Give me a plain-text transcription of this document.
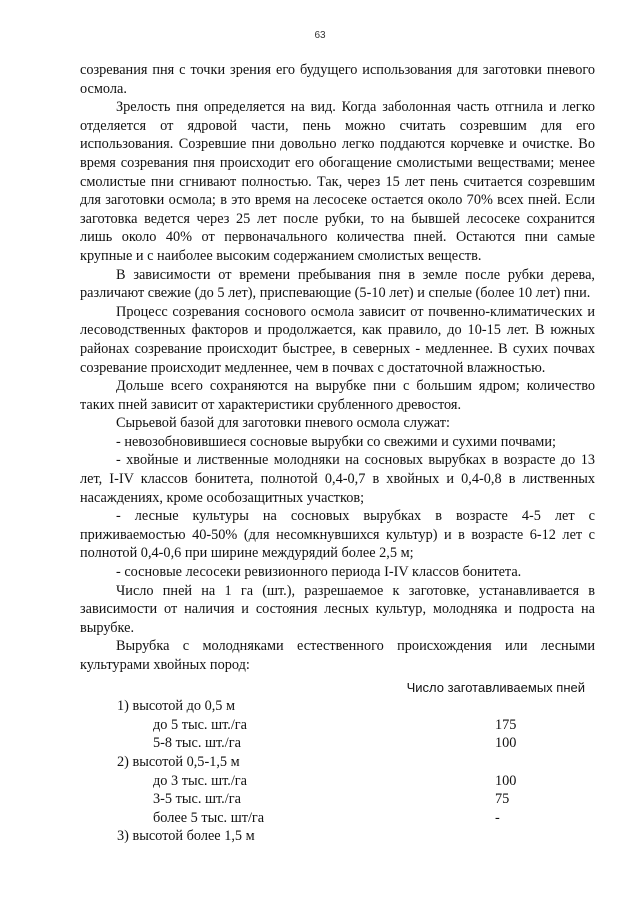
63

созревания пня с точки зрения его будущего использования для заготовки пневого осмола.

Зрелость пня определяется на вид. Когда заболонная часть отгнила и легко отделяется от ядровой части, пень можно считать созревшим для его использования. Созревшие пни довольно легко поддаются корчевке и очистке. Во время созревания пня происходит его обогащение смолистыми веществами; менее смолистые пни сгнивают полностью. Так, через 15 лет пень считается созревшим для заготовки осмола; в это время на лесосеке остается около 70% всех пней. Если заготовка ведется через 25 лет после рубки, то на бывшей лесосеке сохранится лишь около 40% от первоначального количества пней. Остаются пни самые крупные и с наиболее высоким содержанием смолистых веществ.

В зависимости от времени пребывания пня в земле после рубки дерева, различают свежие (до 5 лет), приспевающие (5-10 лет) и спелые (более 10 лет) пни.

Процесс созревания соснового осмола зависит от почвенно-климатических и лесоводственных факторов и продолжается, как правило, до 10-15 лет. В южных районах созревание происходит быстрее, в северных - медленнее. В сухих почвах созревание происходит медленнее, чем в почвах с достаточной влажностью.

Дольше всего сохраняются на вырубке пни с большим ядром; количество таких пней зависит от характеристики срубленного древостоя.

Сырьевой базой для заготовки пневого осмола служат:

- невозобновившиеся сосновые вырубки со свежими и сухими почвами;

- хвойные и лиственные молодняки на сосновых вырубках в возрасте до 13 лет, I-IV классов бонитета, полнотой 0,4-0,7 в хвойных и 0,4-0,8 в лиственных насаждениях, кроме особозащитных участков;

- лесные культуры на сосновых вырубках в возрасте 4-5 лет с приживаемостью 40-50% (для несомкнувшихся культур) и в возрасте 6-12 лет с полнотой 0,4-0,6 при ширине междурядий более 2,5 м;

- сосновые лесосеки ревизионного периода I-IV классов бонитета.

Число пней на 1 га (шт.), разрешаемое к заготовке, устанавливается в зависимости от наличия и состояния лесных культур, молодняка и подроста на вырубке.

Вырубка с молодняками естественного происхождения или лесными культурами хвойных пород:

Число заготавливаемых пней
1) высотой до 0,5 м
до 5 тыс. шт./га	175
5-8 тыс. шт./га	100
2) высотой 0,5-1,5 м
до 3 тыс. шт./га	100
3-5 тыс. шт./га	75
более 5 тыс. шт/га	-
3) высотой более 1,5 м
